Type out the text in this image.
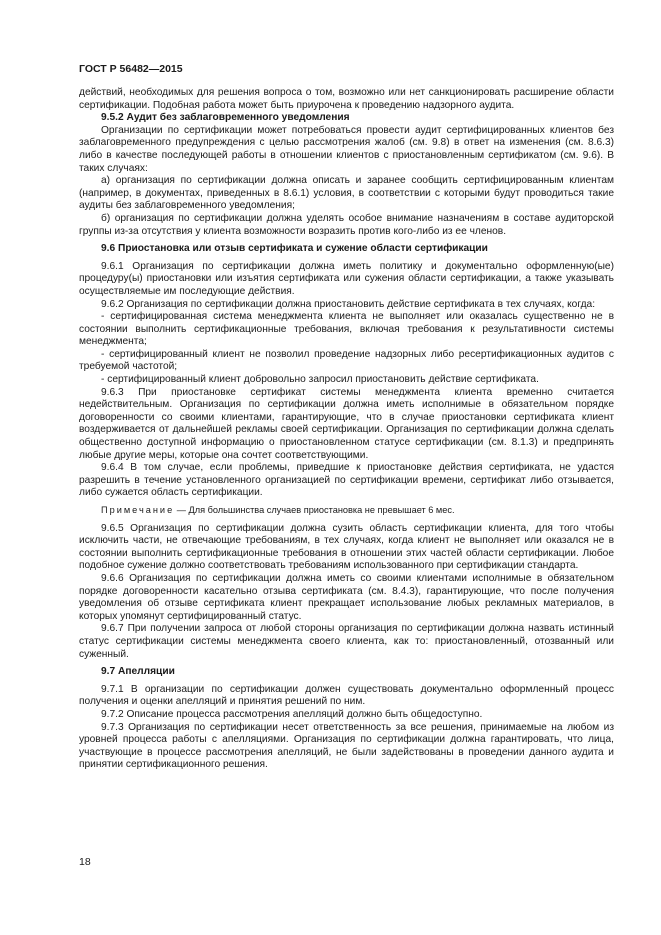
ГОСТ Р 56482—2015

действий, необходимых для решения вопроса о том, возможно или нет санкционировать расширение области сертификации. Подобная работа может быть приурочена к проведению надзорного аудита.

9.5.2 Аудит без заблаговременного уведомления

Организации по сертификации может потребоваться провести аудит сертифицированных клиентов без заблаговременного предупреждения с целью рассмотрения жалоб (см. 9.8) в ответ на изменения (см. 8.6.3) либо в качестве последующей работы в отношении клиентов с приостановленным сертификатом (см. 9.6). В таких случаях:

а) организация по сертификации должна описать и заранее сообщить сертифицированным клиентам (например, в документах, приведенных в 8.6.1) условия, в соответствии с которыми будут проводиться такие аудиты без заблаговременного уведомления;

б) организация по сертификации должна уделять особое внимание назначениям в составе аудиторской группы из-за отсутствия у клиента возможности возразить против кого-либо из ее членов.

9.6 Приостановка или отзыв сертификата и сужение области сертификации

9.6.1 Организация по сертификации должна иметь политику и документально оформленную(ые) процедуру(ы) приостановки или изъятия сертификата или сужения области сертификации, а также указывать осуществляемые им последующие действия.

9.6.2 Организация по сертификации должна приостановить действие сертификата в тех случаях, когда:

- сертифицированная система менеджмента клиента не выполняет или оказалась существенно не в состоянии выполнить сертификационные требования, включая требования к результативности системы менеджмента;

- сертифицированный клиент не позволил проведение надзорных либо ресертификационных аудитов с требуемой частотой;

- сертифицированный клиент добровольно запросил приостановить действие сертификата.

9.6.3 При приостановке сертификат системы менеджмента клиента временно считается недействительным. Организация по сертификации должна иметь исполнимые в обязательном порядке договоренности со своими клиентами, гарантирующие, что в случае приостановки сертификата клиент воздерживается от дальнейшей рекламы своей сертификации. Организация по сертификации должна сделать общественно доступной информацию о приостановленном статусе сертификации (см. 8.1.3) и предпринять любые другие меры, которые она сочтет соответствующими.

9.6.4 В том случае, если проблемы, приведшие к приостановке действия сертификата, не удастся разрешить в течение установленного организацией по сертификации времени, сертификат либо отзывается, либо сужается область сертификации.

Примечание — Для большинства случаев приостановка не превышает 6 мес.

9.6.5 Организация по сертификации должна сузить область сертификации клиента, для того чтобы исключить части, не отвечающие требованиям, в тех случаях, когда клиент не выполняет или оказался не в состоянии выполнить сертификационные требования в отношении этих частей области сертификации. Любое подобное сужение должно соответствовать требованиям использованного при сертификации стандарта.

9.6.6 Организация по сертификации должна иметь со своими клиентами исполнимые в обязательном порядке договоренности касательно отзыва сертификата (см. 8.4.3), гарантирующие, что после получения уведомления об отзыве сертификата клиент прекращает использование любых рекламных материалов, в которых упомянут сертифицированный статус.

9.6.7 При получении запроса от любой стороны организация по сертификации должна назвать истинный статус сертификации системы менеджмента своего клиента, как то: приостановленный, отозванный или суженный.

9.7 Апелляции

9.7.1 В организации по сертификации должен существовать документально оформленный процесс получения и оценки апелляций и принятия решений по ним.

9.7.2 Описание процесса рассмотрения апелляций должно быть общедоступно.

9.7.3 Организация по сертификации несет ответственность за все решения, принимаемые на любом из уровней процесса работы с апелляциями. Организация по сертификации должна гарантировать, что лица, участвующие в процессе рассмотрения апелляций, не были задействованы в проведении данного аудита и принятии сертификационного решения.

18
